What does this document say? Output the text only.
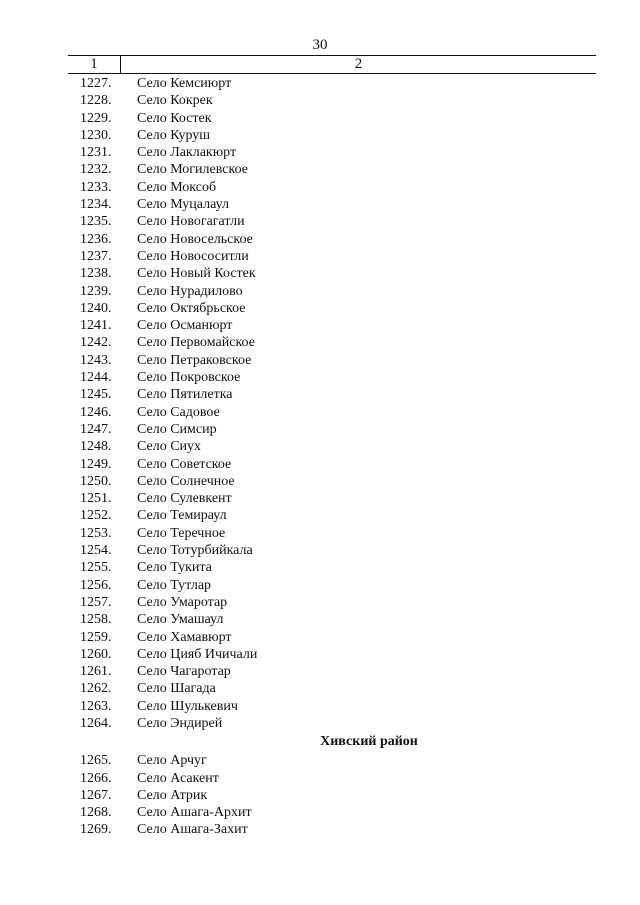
30
1	2
1227. Село Кемсиюрт
1228. Село Кокрек
1229. Село Костек
1230. Село Куруш
1231. Село Лаклакюрт
1232. Село Могилевское
1233. Село Моксоб
1234. Село Муцалаул
1235. Село Новогагатли
1236. Село Новосельское
1237. Село Новососитли
1238. Село Новый Костек
1239. Село Нурадилово
1240. Село Октябрьское
1241. Село Османюрт
1242. Село Первомайское
1243. Село Петраковское
1244. Село Покровское
1245. Село Пятилетка
1246. Село Садовое
1247. Село Симсир
1248. Село Сиух
1249. Село Советское
1250. Село Солнечное
1251. Село Сулевкент
1252. Село Темираул
1253. Село Теречное
1254. Село Тотурбийкала
1255. Село Тукита
1256. Село Тутлар
1257. Село Умаротар
1258. Село Умашаул
1259. Село Хамавюрт
1260. Село Цияб Ичичали
1261. Село Чагаротар
1262. Село Шагада
1263. Село Шулькевич
1264. Село Эндирей
Хивский район
1265. Село Арчуг
1266. Село Асакент
1267. Село Атрик
1268. Село Ашага-Архит
1269. Село Ашага-Захит
